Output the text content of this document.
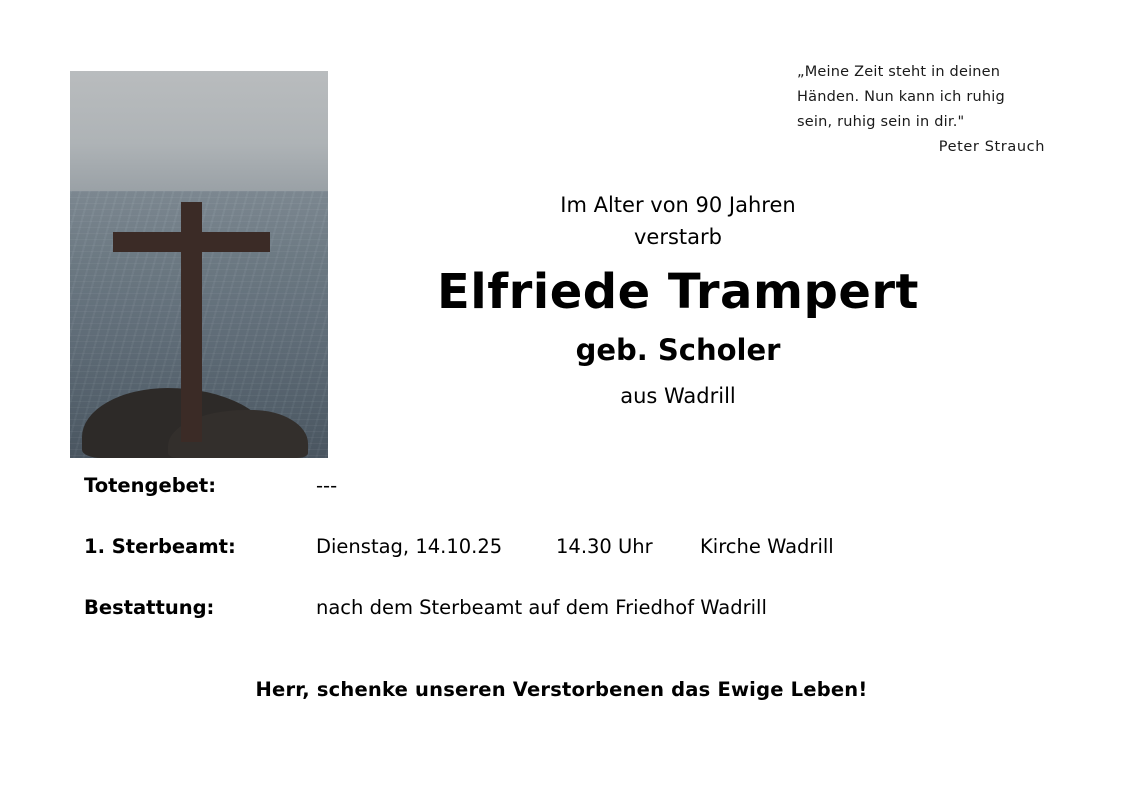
„Meine Zeit steht in deinen Händen. Nun kann ich ruhig sein, ruhig sein in dir."
Peter Strauch
Im Alter von 90 Jahren
verstarb
Elfriede Trampert
geb. Scholer
aus Wadrill
Totengebet:	---
1. Sterbeamt:	Dienstag, 14.10.25	14.30 Uhr	Kirche Wadrill
Bestattung:	nach dem Sterbeamt auf dem Friedhof Wadrill
Herr, schenke unseren Verstorbenen das Ewige Leben!
